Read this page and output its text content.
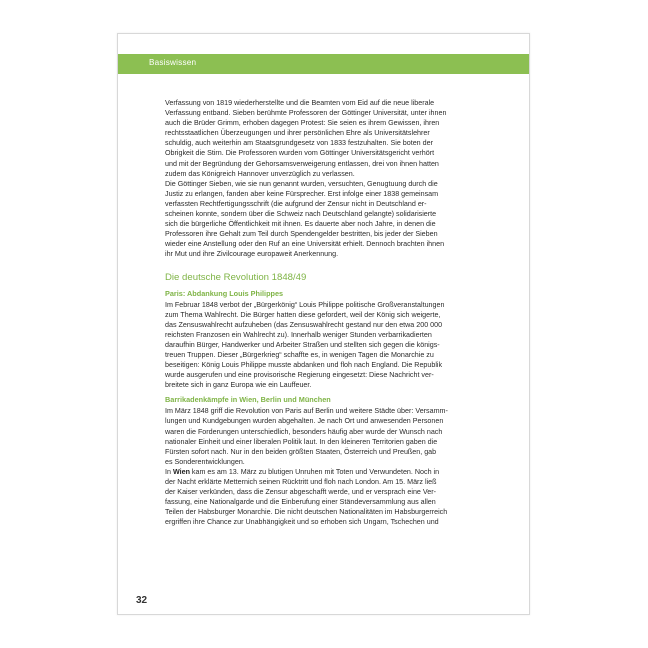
Basiswissen

Verfassung von 1819 wiederherstellte und die Beamten vom Eid auf die neue liberale
Verfassung entband. Sieben berühmte Professoren der Göttinger Universität, unter ihnen
auch die Brüder Grimm, erhoben dagegen Protest: Sie seien es ihrem Gewissen, ihren
rechtsstaatlichen Überzeugungen und ihrer persönlichen Ehre als Universitätslehrer
schuldig, auch weiterhin am Staatsgrundgesetz von 1833 festzuhalten. Sie boten der
Obrigkeit die Stirn. Die Professoren wurden vom Göttinger Universitätsgericht verhört
und mit der Begründung der Gehorsamsverweigerung entlassen, drei von ihnen hatten
zudem das Königreich Hannover unverzüglich zu verlassen.

Die Göttinger Sieben, wie sie nun genannt wurden, versuchten, Genugtuung durch die
Justiz zu erlangen, fanden aber keine Fürsprecher. Erst infolge einer 1838 gemeinsam
verfassten Rechtfertigungsschrift (die aufgrund der Zensur nicht in Deutschland er-
scheinen konnte, sondern über die Schweiz nach Deutschland gelangte) solidarisierte
sich die bürgerliche Öffentlichkeit mit ihnen. Es dauerte aber noch Jahre, in denen die
Professoren ihre Gehalt zum Teil durch Spendengelder bestritten, bis jeder der Sieben
wieder eine Anstellung oder den Ruf an eine Universität erhielt. Dennoch brachten ihnen
ihr Mut und ihre Zivilcourage europaweit Anerkennung.

Die deutsche Revolution 1848/49
Paris: Abdankung Louis Philippes

Im Februar 1848 verbot der „Bürgerkönig“ Louis Philippe politische Großveranstaltungen
zum Thema Wahlrecht. Die Bürger hatten diese gefordert, weil der König sich weigerte,
das Zensuswahlrecht aufzuheben (das Zensuswahlrecht gestand nur den etwa 200 000
reichsten Franzosen ein Wahlrecht zu). Innerhalb weniger Stunden verbarrikadierten
daraufhin Bürger, Handwerker und Arbeiter Straßen und stellten sich gegen die königs-
treuen Truppen. Dieser „Bürgerkrieg“ schaffte es, in wenigen Tagen die Monarchie zu
beseitigen: König Louis Philippe musste abdanken und floh nach England. Die Republik
wurde ausgerufen und eine provisorische Regierung eingesetzt: Diese Nachricht ver-
breitete sich in ganz Europa wie ein Lauffeuer.

Barrikadenkämpfe in Wien, Berlin und München

Im März 1848 griff die Revolution von Paris auf Berlin und weitere Städte über: Versamm-
lungen und Kundgebungen wurden abgehalten. Je nach Ort und anwesenden Personen
waren die Forderungen unterschiedlich, besonders häufig aber wurde der Wunsch nach
nationaler Einheit und einer liberalen Politik laut. In den kleineren Territorien gaben die
Fürsten sofort nach. Nur in den beiden größten Staaten, Österreich und Preußen, gab
es Sonderentwicklungen.

In Wien kam es am 13. März zu blutigen Unruhen mit Toten und Verwundeten. Noch in
der Nacht erklärte Metternich seinen Rücktritt und floh nach London. Am 15. März ließ
der Kaiser verkünden, dass die Zensur abgeschafft werde, und er versprach eine Ver-
fassung, eine Nationalgarde und die Einberufung einer Ständeversammlung aus allen
Teilen der Habsburger Monarchie. Die nicht deutschen Nationalitäten im Habsburgerreich
ergriffen ihre Chance zur Unabhängigkeit und so erhoben sich Ungarn, Tschechen und

32
